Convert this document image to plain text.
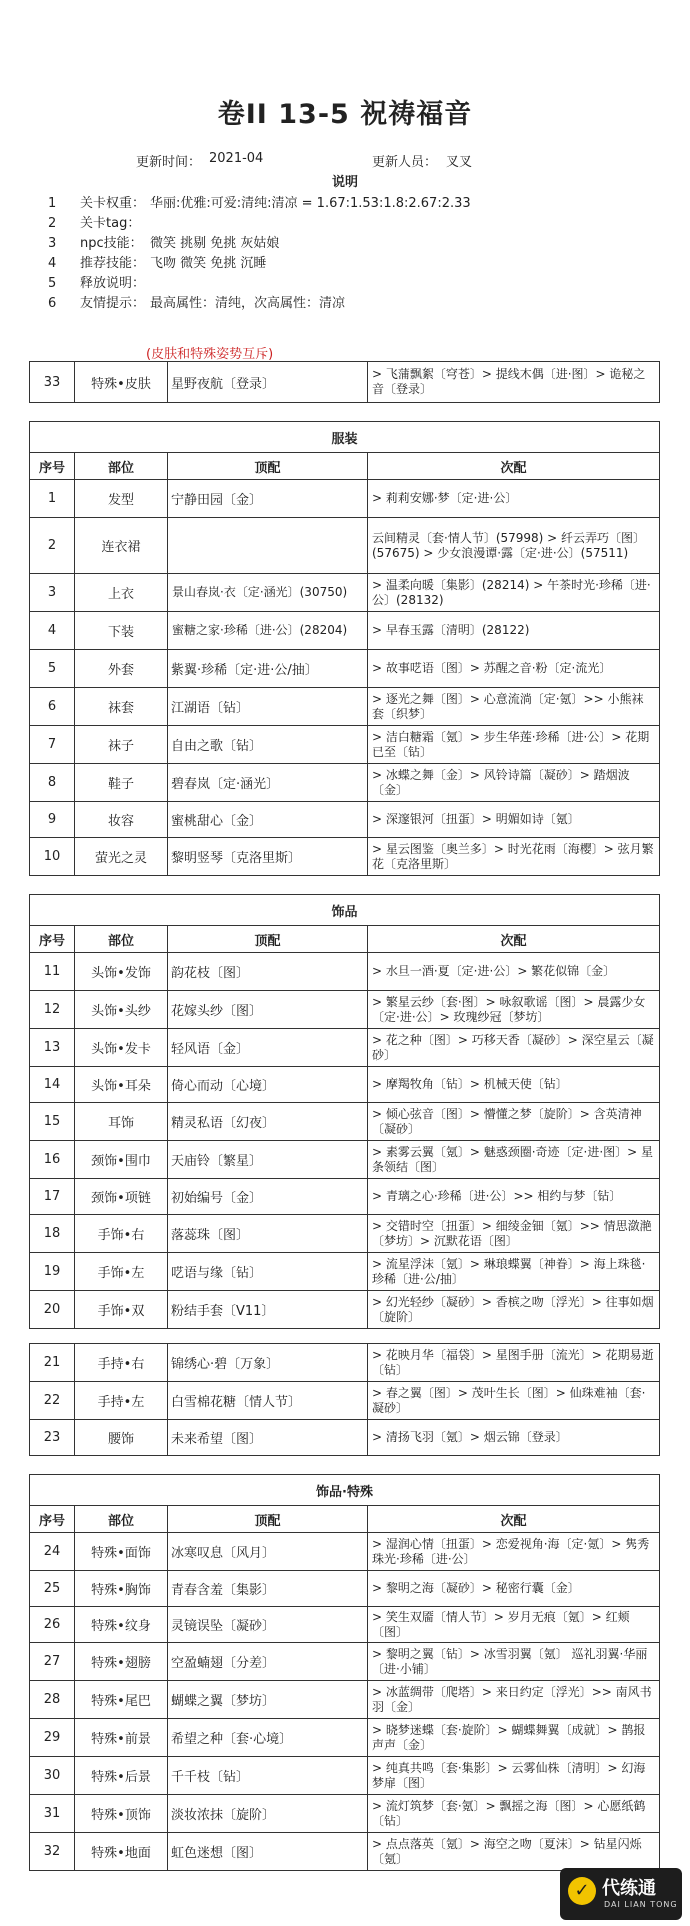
卷II 13-5 祝祷福音
更新时间： 2021-04	更新人员： 叉叉
说明
1 关卡权重： 华丽:优雅:可爱:清纯:清凉 = 1.67:1.53:1.8:2.67:2.33
2 关卡tag：
3 npc技能： 微笑 挑剔 免挑 灰姑娘
4 推荐技能： 飞吻 微笑 免挑 沉睡
5 释放说明：
6 友情提示： 最高属性：清纯，次高属性：清凉
(皮肤和特殊姿势互斥)
33	特殊•皮肤	星野夜航〔登录〕	> 飞蒲飘絮〔穹苍〕> 提线木偶〔进·图〕> 诡秘之音〔登录〕
服装			
序号	部位	顶配	次配
1	发型	宁静田园〔金〕	> 莉莉安娜·梦〔定·进·公〕
2	连衣裙		云间精灵〔套·情人节〕(57998) > 纤云弄巧〔图〕(57675) > 少女浪漫谭·露〔定·进·公〕(57511)
3	上衣	景山春岚·衣〔定·涵光〕(30750)	> 温柔向暖〔集影〕(28214) > 午茶时光·珍稀〔进·公〕(28132)
4	下装	蜜糖之家·珍稀〔进·公〕(28204)	> 早春玉露〔清明〕(28122)
5	外套	紫翼·珍稀〔定·进·公/抽〕	> 故事呓语〔图〕> 苏醒之音·粉〔定·流光〕
6	袜套	江湖语〔钻〕	> 逐光之舞〔图〕> 心意流淌〔定·氪〕>> 小熊袜套〔织梦〕
7	袜子	自由之歌〔钻〕	> 洁白糖霜〔氪〕> 步生华莲·珍稀〔进·公〕> 花期已至〔钻〕
8	鞋子	碧春岚〔定·涵光〕	> 冰蝶之舞〔金〕> 风铃诗篇〔凝砂〕> 踏烟波〔金〕
9	妆容	蜜桃甜心〔金〕	> 深邃银河〔扭蛋〕> 明媚如诗〔氪〕
10	萤光之灵	黎明竖琴〔克洛里斯〕	> 星云图鉴〔奥兰多〕> 时光花雨〔海樱〕> 弦月繁花〔克洛里斯〕
饰品			
序号	部位	顶配	次配
11	头饰•发饰	韵花枝〔图〕	> 水旦一酒·夏〔定·进·公〕> 繁花似锦〔金〕
12	头饰•头纱	花嫁头纱〔图〕	> 繁星云纱〔套·图〕> 咏叙歌谣〔图〕> 晨露少女〔定·进·公〕> 玫瑰纱冠〔梦坊〕
13	头饰•发卡	轻风语〔金〕	> 花之种〔图〕> 巧移天香〔凝砂〕> 深空星云〔凝砂〕
14	头饰•耳朵	倚心而动〔心境〕	> 摩羯牧角〔钻〕> 机械天使〔钻〕
15	耳饰	精灵私语〔幻夜〕	> 倾心弦音〔图〕> 懵懂之梦〔旋阶〕> 含英清神〔凝砂〕
16	颈饰•围巾	天庙铃〔繁星〕	> 素雾云翼〔氪〕> 魅惑颈圈·奇迹〔定·进·图〕> 星条领结〔图〕
17	颈饰•项链	初始编号〔金〕	> 青璃之心·珍稀〔进·公〕>> 相约与梦〔钻〕
18	手饰•右	落蕊珠〔图〕	> 交错时空〔扭蛋〕> 细绫金钿〔氪〕>> 情思潋滟〔梦坊〕> 沉默花语〔图〕
19	手饰•左	呓语与缘〔钻〕	> 流星浮沫〔氪〕> 琳琅蝶翼〔神眷〕> 海上珠毯·珍稀〔进·公/抽〕
20	手饰•双	粉结手套〔V11〕	> 幻光轻纱〔凝砂〕> 香槟之吻〔浮光〕> 往事如烟〔旋阶〕
21	手持•右	锦绣心·碧〔万象〕	> 花映月华〔福袋〕> 星图手册〔流光〕> 花期易逝〔钻〕
22	手持•左	白雪棉花糖〔情人节〕	> 春之翼〔图〕> 茂叶生长〔图〕> 仙珠难袖〔套·凝砂〕
23	腰饰	未来希望〔图〕	> 清扬飞羽〔氪〕> 烟云锦〔登录〕
饰品·特殊			
序号	部位	顶配	次配
24	特殊•面饰	冰寒叹息〔风月〕	> 湿润心情〔扭蛋〕> 恋爱视角·海〔定·氪〕> 隽秀珠光·珍稀〔进·公〕
25	特殊•胸饰	青春含羞〔集影〕	> 黎明之海〔凝砂〕> 秘密行囊〔金〕
26	特殊•纹身	灵镜误坠〔凝砂〕	> 笑生双靥〔情人节〕> 岁月无痕〔氪〕> 红颊〔图〕
27	特殊•翅膀	空盈蝻翅〔分差〕	> 黎明之翼〔钻〕> 冰雪羽翼〔氪〕 巡礼羽翼·华丽〔进·小铺〕
28	特殊•尾巴	蝴蝶之翼〔梦坊〕	> 冰蓝绸带〔爬塔〕> 来日约定〔浮光〕>> 南风书羽〔金〕
29	特殊•前景	希望之种〔套·心境〕	> 晓梦迷蝶〔套·旋阶〕> 蝴蝶舞翼〔成就〕> 鹊报声声〔金〕
30	特殊•后景	千千枝〔钻〕	> 纯真共鸣〔套·集影〕> 云雾仙株〔清明〕> 幻海梦扉〔图〕
31	特殊•顶饰	淡妆浓抹〔旋阶〕	> 流灯筑梦〔套·氪〕> 飘摇之海〔图〕> 心愿纸鹤〔钻〕
32	特殊•地面	虹色迷想〔图〕	> 点点落英〔氪〕> 海空之吻〔夏沫〕> 钻星闪烁〔氪〕
✓ 代练通
DAI LIAN TONG
